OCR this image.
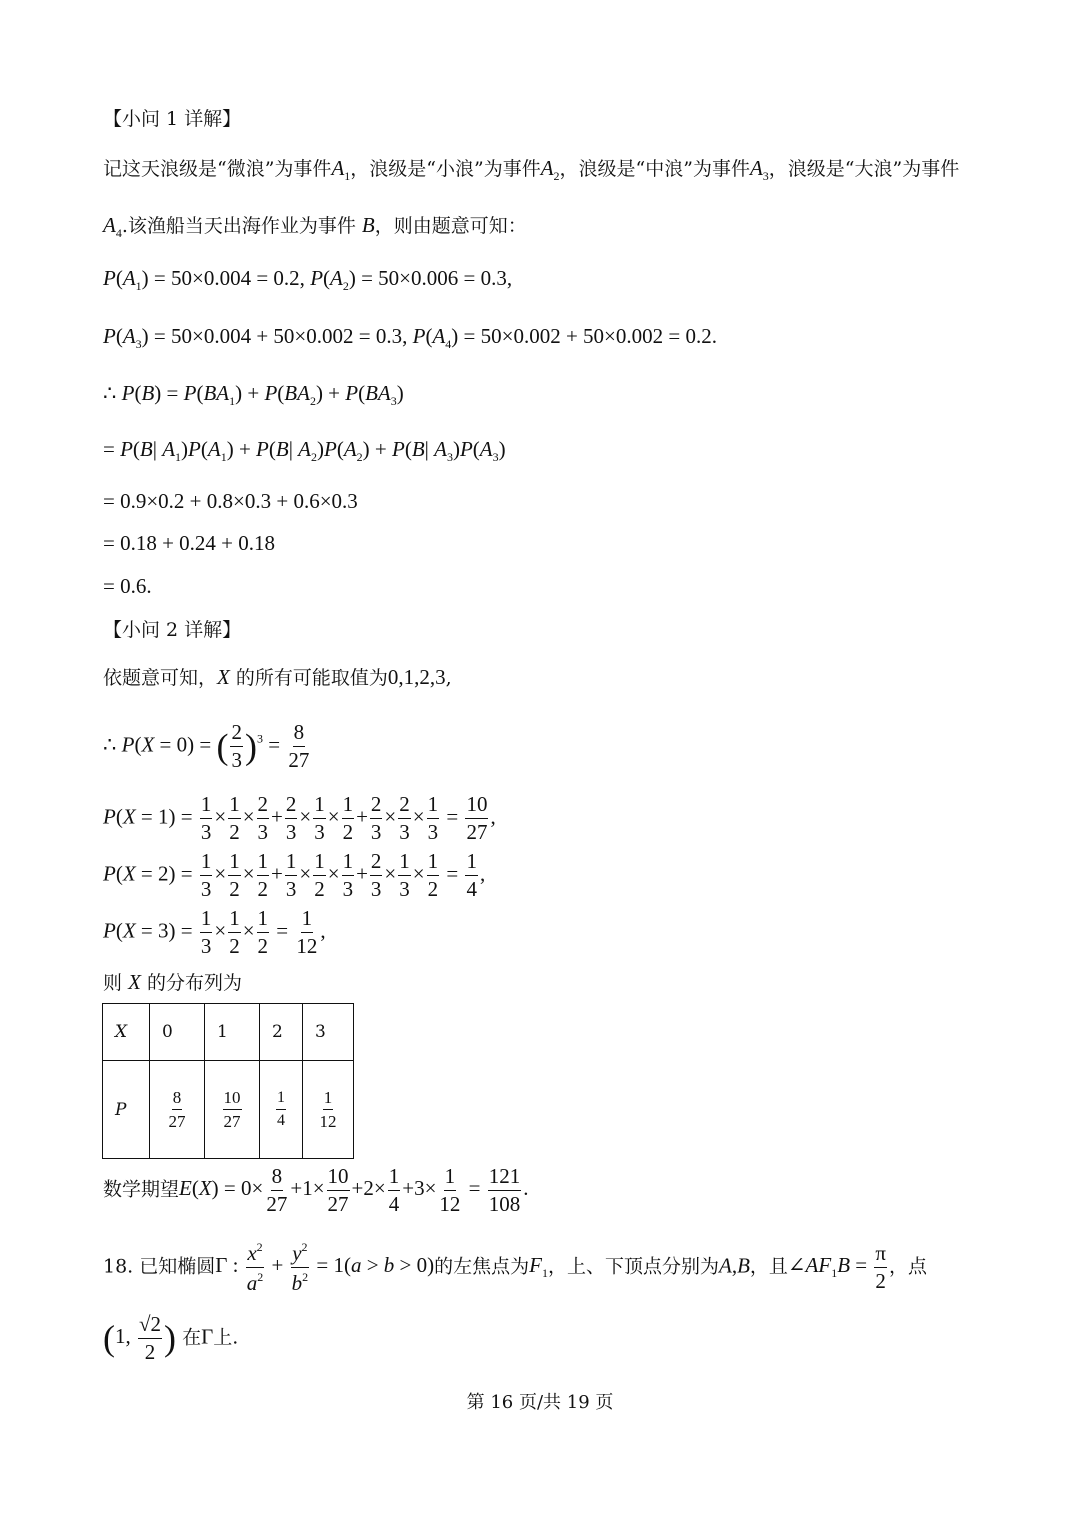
【小问 1 详解】
记这天浪级是“微浪”为事件$A_1$，浪级是“小浪”为事件$A_2$，浪级是“中浪”为事件$A_3$，浪级是“大浪”为事件
$A_4$.该渔船当天出海作业为事件 B，则由题意可知：
$P(A_1) = 50\times 0.004 = 0.2$, $P(A_2) = 50\times 0.006 = 0.3$,
$P(A_3) = 50\times 0.004 + 50\times 0.002 = 0.3$, $P(A_4) = 50\times 0.002 + 50\times 0.002 = 0.2$.
∴ $P(B) = P(BA_1) + P(BA_2) + P(BA_3)$
= P(B| $A_1)P(A_1) + P(B|$ $A_2)P(A_2) + P(B|$ $A_3)P(A_3)$
= 0.9×0.2 + 0.8×0.3 + 0.6×0.3
= 0.18 + 0.24 + 0.18
= 0.6.
【小问 2 详解】
依题意可知，X 的所有可能取值为0,1,2,3,
∴ P(X = 0) = ( $\frac{2}{3} )^3 = \frac{8}{27}$
$P(X = 1) = \frac{1}{3} \times \frac{1}{2} \times \frac{2}{3} + \frac{2}{3} \times \frac{1}{3} \times \frac{1}{2} + \frac{2}{3} \times \frac{2}{3} \times \frac{1}{3} = \frac{10}{27}$ ,
$P(X = 2) = \frac{1}{3} \times \frac{1}{2} \times \frac{1}{2} + \frac{1}{3} \times \frac{1}{2} \times \frac{1}{3} + \frac{2}{3} \times \frac{1}{3} \times \frac{1}{2} = \frac{1}{4}$ ,
$P(X = 3) = \frac{1}{3} \times \frac{1}{2} \times \frac{1}{2} = \frac{1}{12}$ ,
则 X 的分布列为
X	0	1	2	3
P	$\frac{8}{27}$	$\frac{10}{27}$	$\frac{1}{4}$	$\frac{1}{12}$
数学期望$E(X) = 0\times \frac{8}{27} +1\times \frac{10}{27} +2\times \frac{1}{4} +3\times \frac{1}{12} = \frac{121}{108}$ .
18. 已知椭圆Γ : $\frac{x^2}{a^2} + \frac{y^2}{b^2} = 1(a > b > 0)$的左焦点为$F_1$，上、下顶点分别为A,B，且$\angle AF_1B = \frac{\pi}{2}$ ，点
(1, $\frac{√2}{2}$ ) 在Γ上.
第 16 页/共 19 页
